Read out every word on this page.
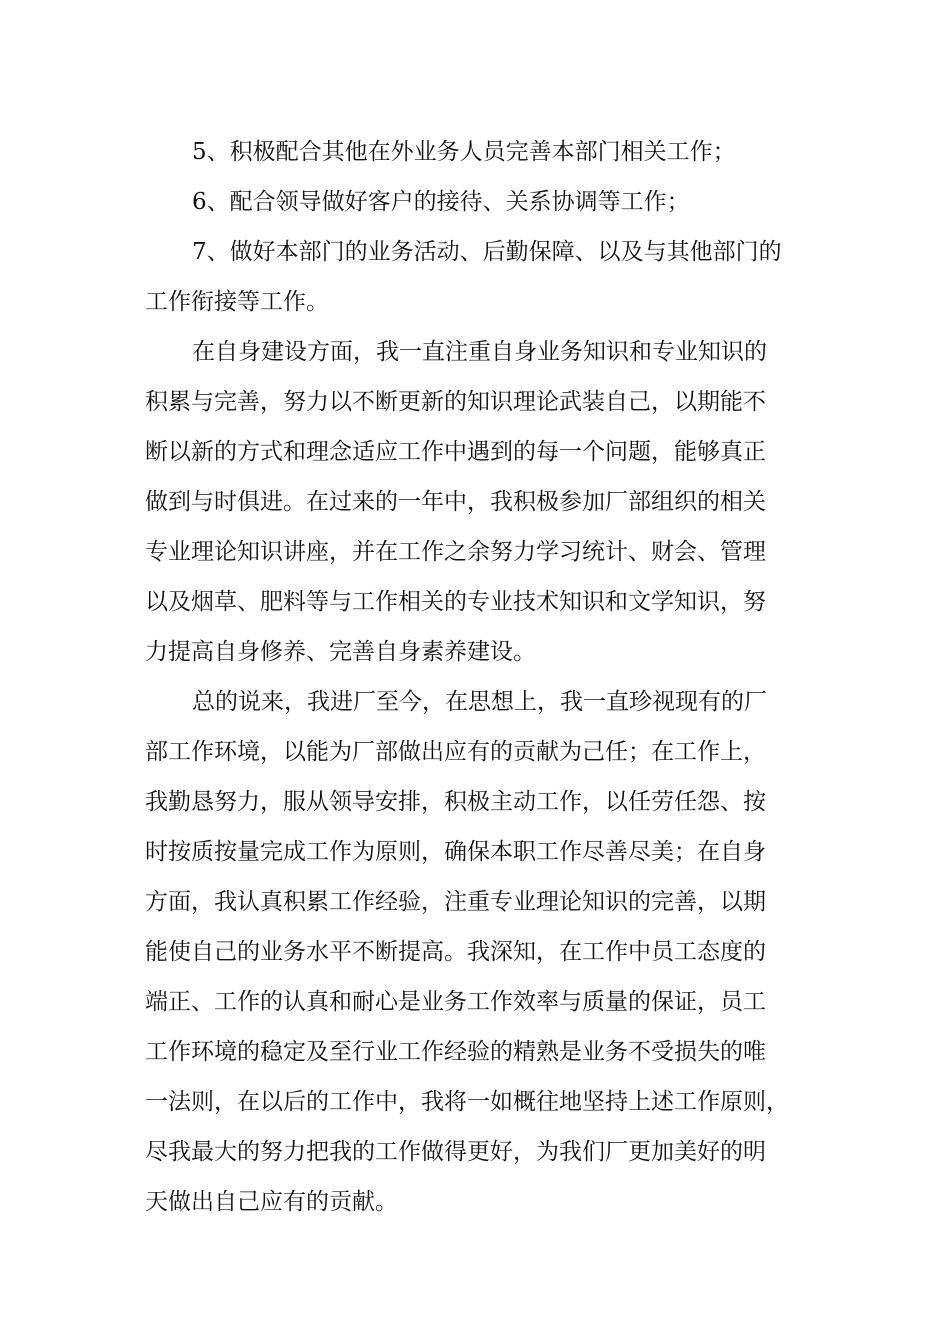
5、积极配合其他在外业务人员完善本部门相关工作；
6、配合领导做好客户的接待、关系协调等工作；
7、做好本部门的业务活动、后勤保障、以及与其他部门的
工作衔接等工作。
在自身建设方面，我一直注重自身业务知识和专业知识的
积累与完善，努力以不断更新的知识理论武装自己，以期能不
断以新的方式和理念适应工作中遇到的每一个问题，能够真正
做到与时俱进。在过来的一年中，我积极参加厂部组织的相关
专业理论知识讲座，并在工作之余努力学习统计、财会、管理
以及烟草、肥料等与工作相关的专业技术知识和文学知识，努
力提高自身修养、完善自身素养建设。
总的说来，我进厂至今，在思想上，我一直珍视现有的厂
部工作环境，以能为厂部做出应有的贡献为己任；在工作上，
我勤恳努力，服从领导安排，积极主动工作，以任劳任怨、按
时按质按量完成工作为原则，确保本职工作尽善尽美；在自身
方面，我认真积累工作经验，注重专业理论知识的完善，以期
能使自己的业务水平不断提高。我深知，在工作中员工态度的
端正、工作的认真和耐心是业务工作效率与质量的保证，员工
工作环境的稳定及至行业工作经验的精熟是业务不受损失的唯
一法则，在以后的工作中，我将一如概往地坚持上述工作原则，
尽我最大的努力把我的工作做得更好，为我们厂更加美好的明
天做出自己应有的贡献。
